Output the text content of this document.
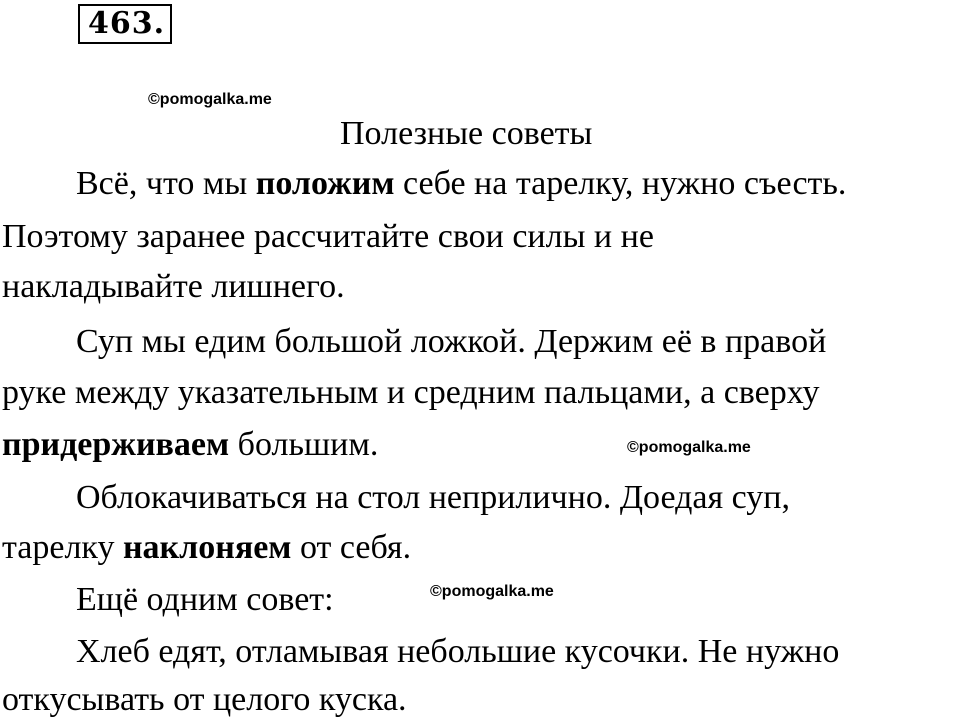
463.
©pomogalka.me
Полезные советы
Всё, что мы положим себе на тарелку, нужно съесть.
Поэтому заранее рассчитайте свои силы и не
накладывайте лишнего.
Суп мы едим большой ложкой. Держим её в правой
руке между указательным и средним пальцами, а сверху
придерживаем большим.	©pomogalka.me
Облокачиваться на стол неприлично. Доедая суп,
тарелку наклоняем от себя.
Ещё одним совет:	©pomogalka.me
Хлеб едят, отламывая небольшие кусочки. Не нужно
откусывать от целого куска.
